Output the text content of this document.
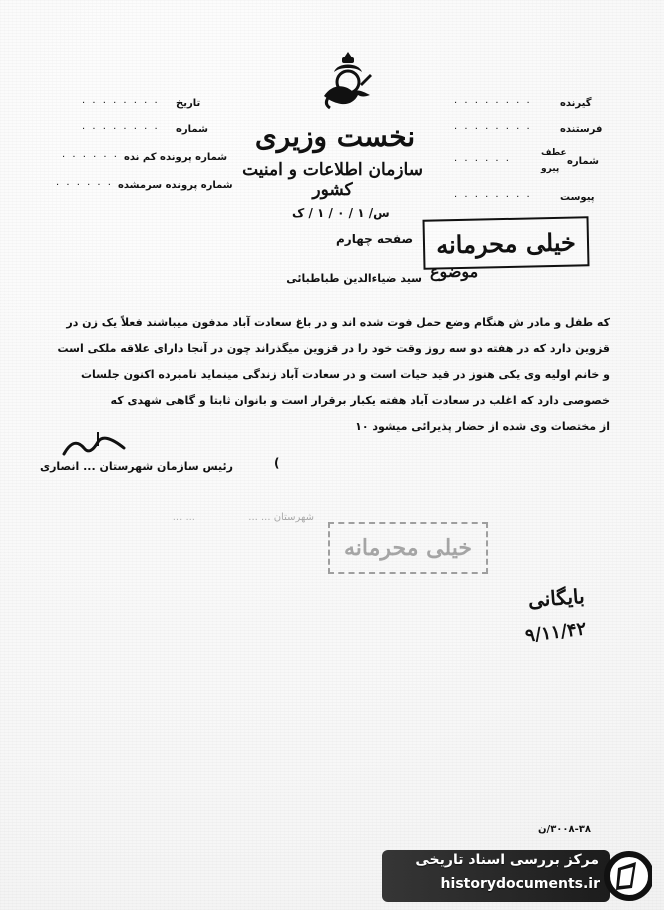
نخست وزیری
سازمان اطلاعات و امنیت کشور
س/ ۱ / ۰ / ۱ / ک
تاریخ
· · · · · · · ·
شماره
· · · · · · · ·
شماره پرونده کم نده
· · · · · ·
شماره پرونده سرمشده
· · · · · ·
گیرنده
· · · · · · · ·
فرستنده
· · · · · · · ·
شماره
عطف
پیرو
· · · · · ·
پیوست
· · · · · · · ·
خیلی محرمانه
صفحه چهارم
موضوع
سید ضیاءالدین طباطبائی

که طفل و مادر ش هنگام وضع حمل فوت شده اند و در باغ سعادت آباد مدفون میباشند فعلاً یک زن در

قزوین دارد که در هفته دو سه روز وقت خود را در قزوین میگذراند چون در آنجا دارای علاقه ملکی است

و خانم اولیه وی یکی هنوز در قید حیات است و در سعادت آباد زندگی مینماید نامبرده اکنون جلسات

خصوصی دارد که اغلب در سعادت آباد هفته یکبار برقرار است و بانوان ثابتا و گاهی شهدی که

از مختصات وی شده از حضار پذیرائی میشود ۱۰

رئیس سازمان شهرستان ... انصاری	(
شهرستان ... ...
... ...
خیلی محرمانه
بایگانی
۹/۱۱/۴۲
۳۰۰۸-۳۸/ن
مرکز بررسی اسناد تاریخی
historydocuments.ir
